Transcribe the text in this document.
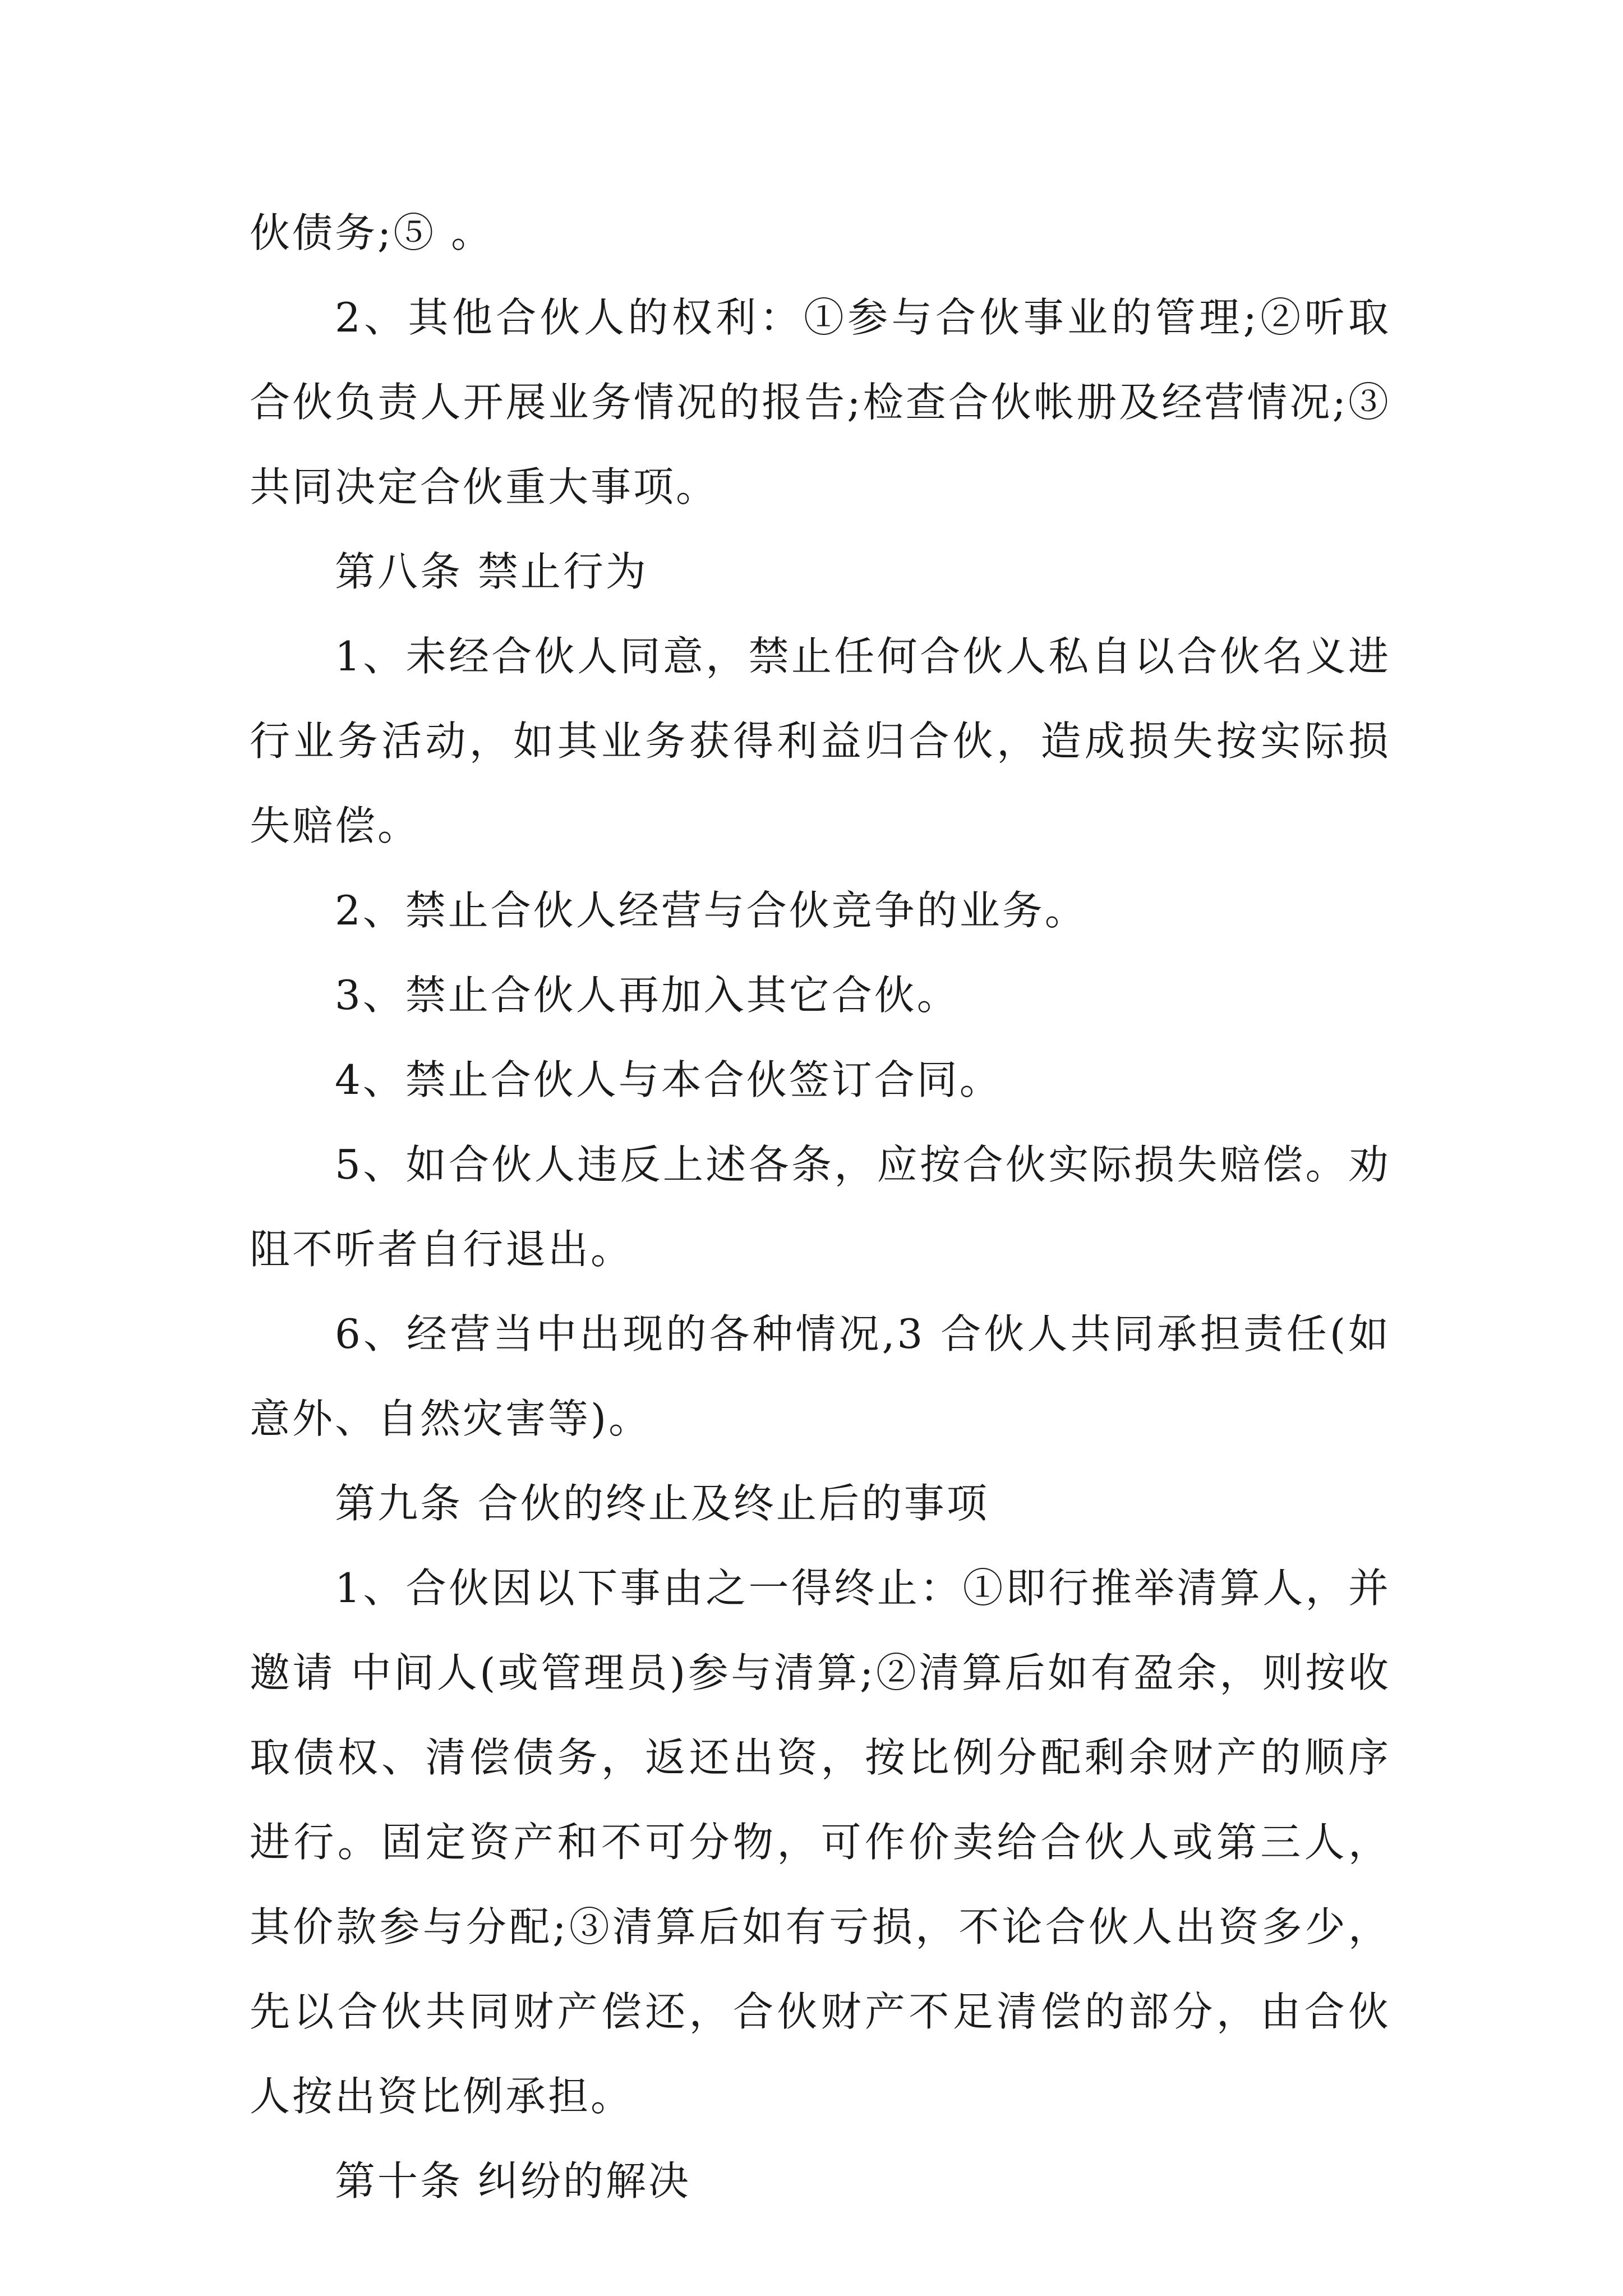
伙债务;⑤ 。

2、其他合伙人的权利：①参与合伙事业的管理;②听取合伙负责人开展业务情况的报告;检查合伙帐册及经营情况;③共同决定合伙重大事项。

第八条 禁止行为

1、未经合伙人同意，禁止任何合伙人私自以合伙名义进行业务活动，如其业务获得利益归合伙，造成损失按实际损失赔偿。

2、禁止合伙人经营与合伙竞争的业务。

3、禁止合伙人再加入其它合伙。

4、禁止合伙人与本合伙签订合同。

5、如合伙人违反上述各条，应按合伙实际损失赔偿。劝阻不听者自行退出。

6、经营当中出现的各种情况,3 合伙人共同承担责任(如意外、自然灾害等)。

第九条 合伙的终止及终止后的事项

1、合伙因以下事由之一得终止：①即行推举清算人，并邀请 中间人(或管理员)参与清算;②清算后如有盈余，则按收取债权、清偿债务，返还出资，按比例分配剩余财产的顺序进行。固定资产和不可分物，可作价卖给合伙人或第三人，其价款参与分配;③清算后如有亏损，不论合伙人出资多少，先以合伙共同财产偿还，合伙财产不足清偿的部分，由合伙人按出资比例承担。

第十条 纠纷的解决
